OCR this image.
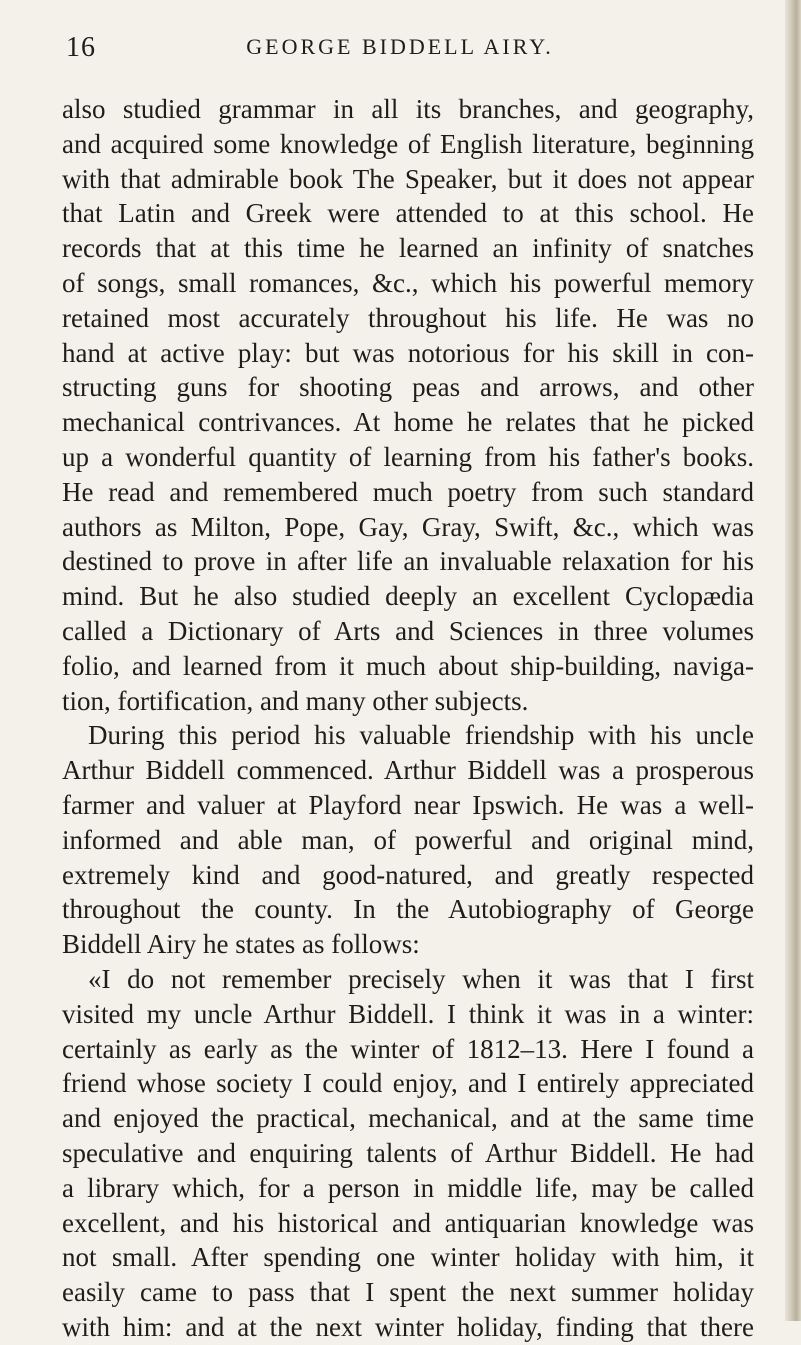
16	GEORGE BIDDELL AIRY.
also studied grammar in all its branches, and geography,
and acquired some knowledge of English literature, beginning
with that admirable book The Speaker, but it does not appear
that Latin and Greek were attended to at this school. He
records that at this time he learned an infinity of snatches
of songs, small romances, &c., which his powerful memory
retained most accurately throughout his life. He was no
hand at active play: but was notorious for his skill in con-
structing guns for shooting peas and arrows, and other
mechanical contrivances. At home he relates that he picked
up a wonderful quantity of learning from his father's books.
He read and remembered much poetry from such standard
authors as Milton, Pope, Gay, Gray, Swift, &c., which was
destined to prove in after life an invaluable relaxation for his
mind. But he also studied deeply an excellent Cyclopædia
called a Dictionary of Arts and Sciences in three volumes
folio, and learned from it much about ship-building, naviga-
tion, fortification, and many other subjects.
During this period his valuable friendship with his uncle
Arthur Biddell commenced. Arthur Biddell was a prosperous
farmer and valuer at Playford near Ipswich. He was a well-
informed and able man, of powerful and original mind,
extremely kind and good-natured, and greatly respected
throughout the county. In the Autobiography of George
Biddell Airy he states as follows:
«I do not remember precisely when it was that I first
visited my uncle Arthur Biddell. I think it was in a winter:
certainly as early as the winter of 1812–13. Here I found a
friend whose society I could enjoy, and I entirely appreciated
and enjoyed the practical, mechanical, and at the same time
speculative and enquiring talents of Arthur Biddell. He had
a library which, for a person in middle life, may be called
excellent, and his historical and antiquarian knowledge was
not small. After spending one winter holiday with him, it
easily came to pass that I spent the next summer holiday
with him: and at the next winter holiday, finding that there
